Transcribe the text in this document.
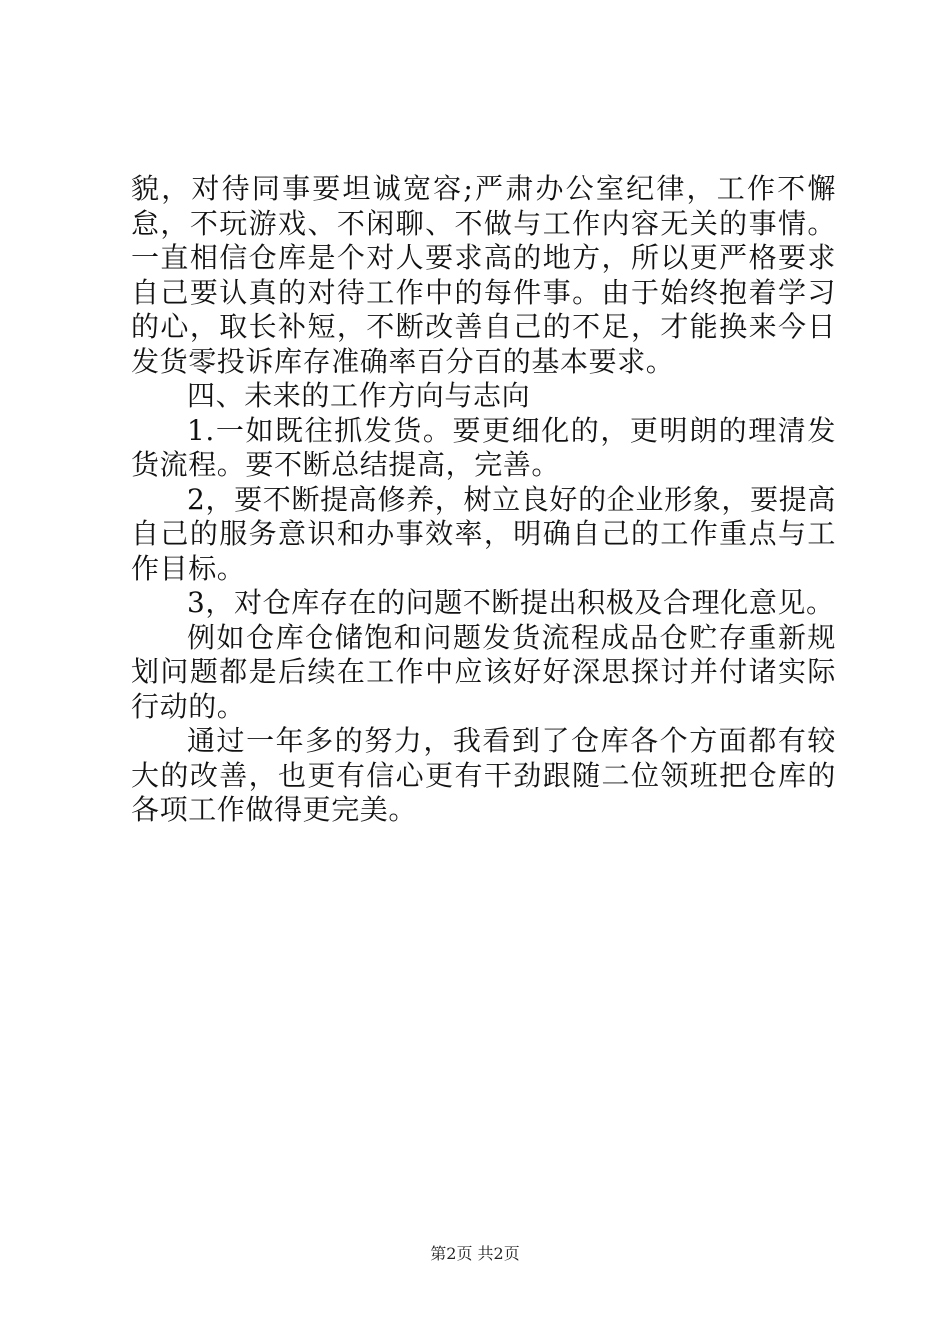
貌，对待同事要坦诚宽容;严肃办公室纪律，工作不懈怠，不玩游戏、不闲聊、不做与工作内容无关的事情。一直相信仓库是个对人要求高的地方，所以更严格要求自己要认真的对待工作中的每件事。由于始终抱着学习的心，取长补短，不断改善自己的不足，才能换来今日发货零投诉库存准确率百分百的基本要求。

四、未来的工作方向与志向

1.一如既往抓发货。要更细化的，更明朗的理清发货流程。要不断总结提高，完善。

2，要不断提高修养，树立良好的企业形象，要提高自己的服务意识和办事效率，明确自己的工作重点与工作目标。

3，对仓库存在的问题不断提出积极及合理化意见。

例如仓库仓储饱和问题发货流程成品仓贮存重新规划问题都是后续在工作中应该好好深思探讨并付诸实际行动的。

通过一年多的努力，我看到了仓库各个方面都有较大的改善，也更有信心更有干劲跟随二位领班把仓库的各项工作做得更完美。

第2页 共2页
